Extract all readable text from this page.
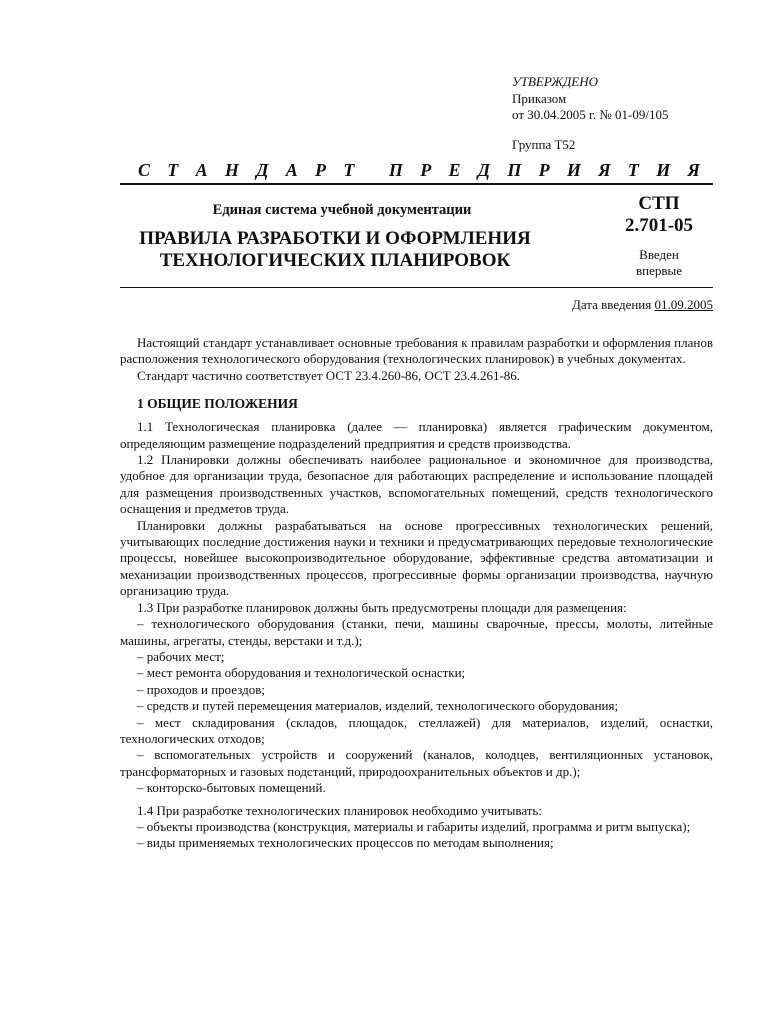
УТВЕРЖДЕНО
Приказом
от 30.04.2005 г. № 01-09/105
Группа Т52
С Т А Н Д А Р Т П Р Е Д П Р И Я Т И Я
Единая система учебной документации
ПРАВИЛА РАЗРАБОТКИ И ОФОРМЛЕНИЯ
ТЕХНОЛОГИЧЕСКИХ ПЛАНИРОВОК
СТП
2.701-05
Введен
впервые
Дата введения 01.09.2005

Настоящий стандарт устанавливает основные требования к правилам разработки и оформления планов расположения технологического оборудования (технологических планировок) в учебных документах.

Стандарт частично соответствует ОСТ 23.4.260-86, ОСТ 23.4.261-86.

1 ОБЩИЕ ПОЛОЖЕНИЯ

1.1 Технологическая планировка (далее — планировка) является графическим документом, определяющим размещение подразделений предприятия и средств производства.

1.2 Планировки должны обеспечивать наиболее рациональное и экономичное для производства, удобное для организации труда, безопасное для работающих распределение и использование площадей для размещения производственных участков, вспомогательных помещений, средств технологического оснащения и предметов труда.

Планировки должны разрабатываться на основе прогрессивных технологических решений, учитывающих последние достижения науки и техники и предусматривающих передовые технологические процессы, новейшее высокопроизводительное оборудование, эффективные средства автоматизации и механизации производственных процессов, прогрессивные формы организации производства, научную организацию труда.

1.3 При разработке планировок должны быть предусмотрены площади для размещения:

– технологического оборудования (станки, печи, машины сварочные, прессы, молоты, литейные машины, агрегаты, стенды, верстаки и т.д.);

– рабочих мест;

– мест ремонта оборудования и технологической оснастки;

– проходов и проездов;

– средств и путей перемещения материалов, изделий, технологического оборудования;

– мест складирования (складов, площадок, стеллажей) для материалов, изделий, оснастки, технологических отходов;

– вспомогательных устройств и сооружений (каналов, колодцев, вентиляционных установок, трансформаторных и газовых подстанций, природоохранительных объектов и др.);

– конторско-бытовых помещений.

1.4 При разработке технологических планировок необходимо учитывать:

– объекты производства (конструкция, материалы и габариты изделий, программа и ритм выпуска);

– виды применяемых технологических процессов по методам выполнения;
